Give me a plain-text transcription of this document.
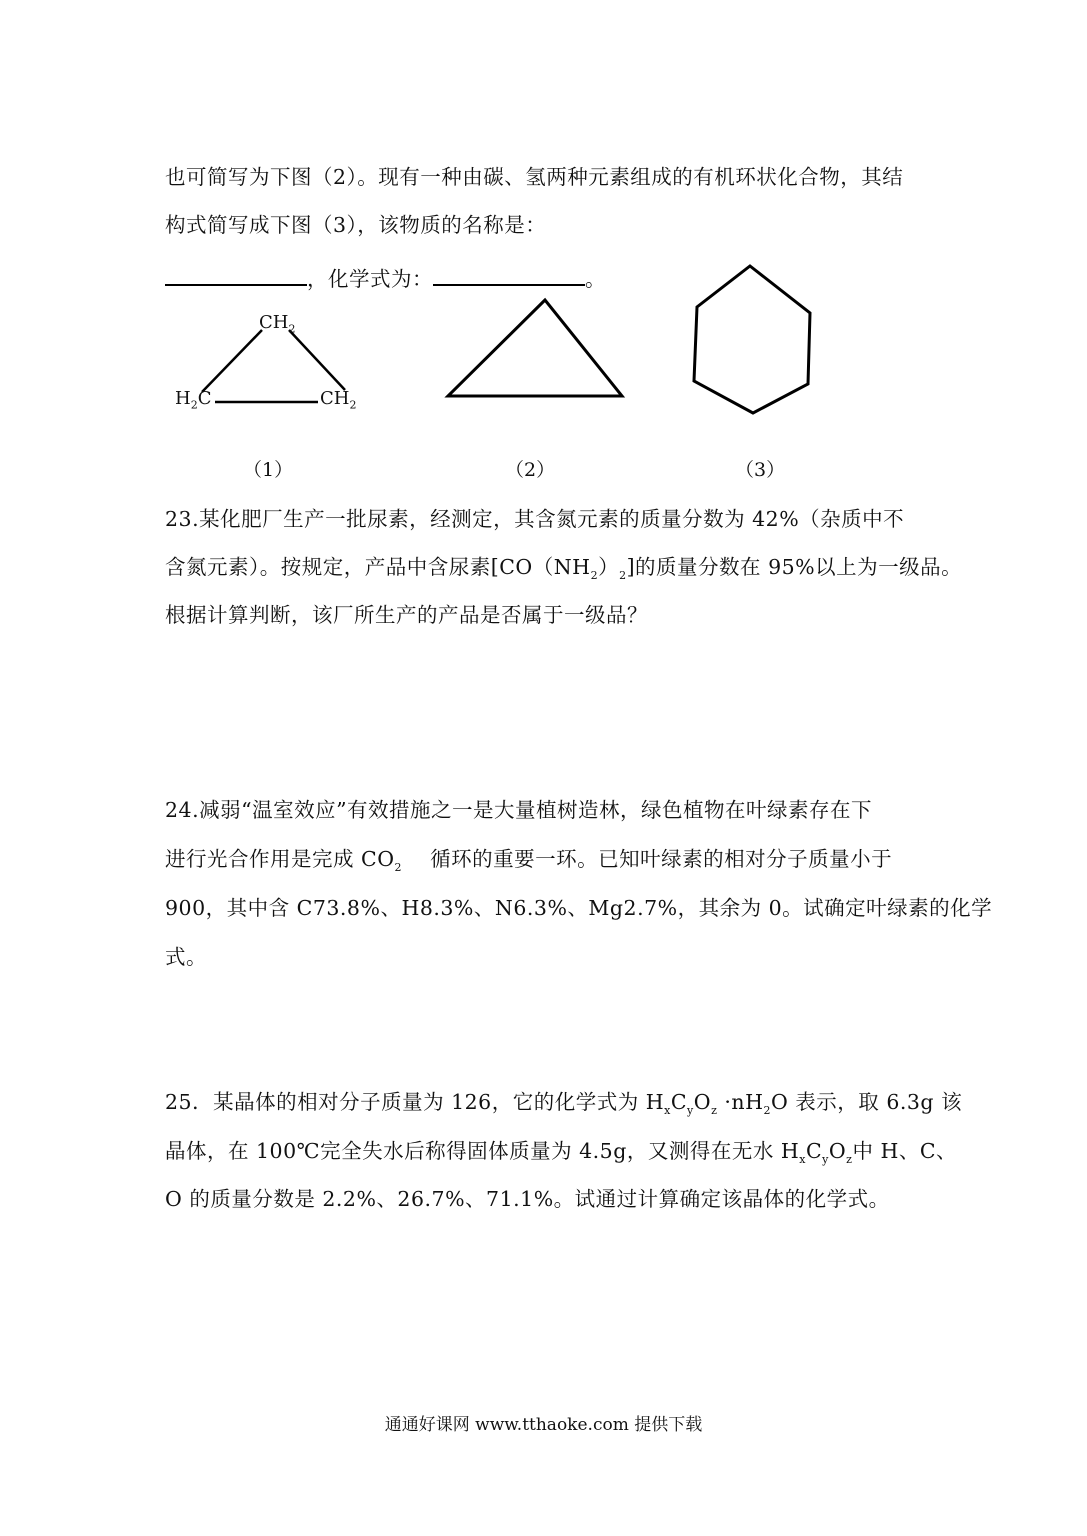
也可简写为下图（2）。现有一种由碳、氢两种元素组成的有机环状化合物，其结
构式简写成下图（3），该物质的名称是：
，化学式为：	。
$CH_2$
$H_2C$	$CH_2$
（1）	（2）	（3）
23.某化肥厂生产一批尿素，经测定，其含氮元素的质量分数为 42%（杂质中不
含氮元素）。按规定，产品中含尿素$[CO(NH_2)_2]$的质量分数在 95%以上为一级品。
根据计算判断，该厂所生产的产品是否属于一级品？
24.减弱“温室效应”有效措施之一是大量植树造林，绿色植物在叶绿素存在下
进行光合作用是完成 $CO_2$    循环的重要一环。已知叶绿素的相对分子质量小于
900，其中含 C73.8%、H8.3%、N6.3%、Mg2.7%，其余为 0。试确定叶绿素的化学
式。
25．某晶体的相对分子质量为 126，它的化学式为 $H_xC_yO_z \cdot nH_2O$ 表示，取 6.3g 该
晶体，在 100℃完全失水后称得固体质量为 4.5g，又测得在无水 $H_xC_yO_z$中 H、C、
O 的质量分数是 2.2%、26.7%、71.1%。试通过计算确定该晶体的化学式。
通通好课网 www.tthaoke.com 提供下载
